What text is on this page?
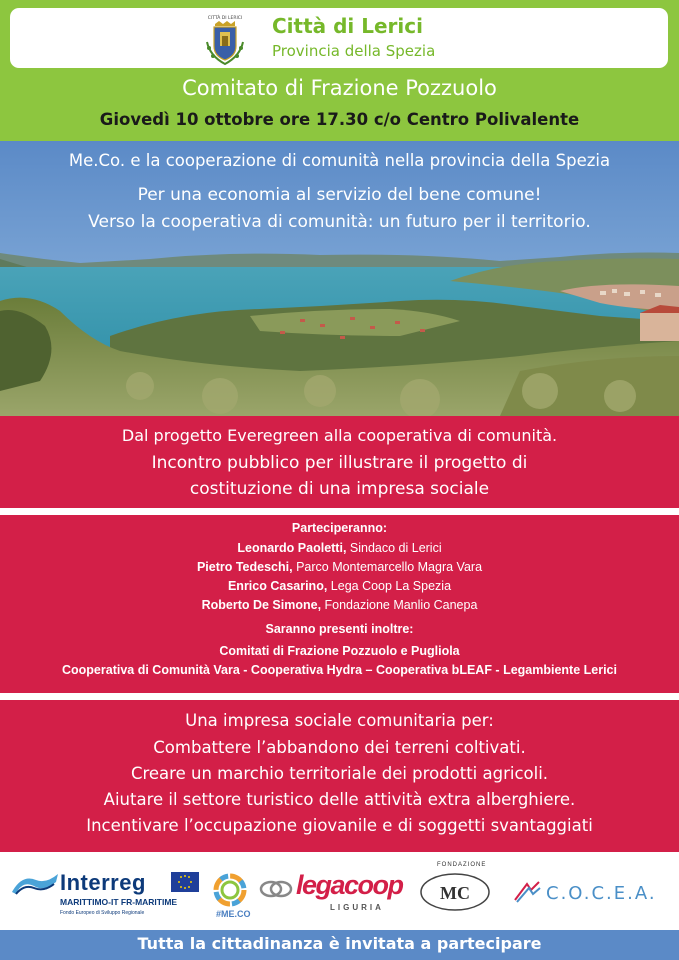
CITTÀ DI LERICI Città di Lerici
Provincia della Spezia
Comitato di Frazione Pozzuolo
Giovedì 10 ottobre ore 17.30 c/o Centro Polivalente
Me.Co. e la cooperazione di comunità nella provincia della Spezia
Per una economia al servizio del bene comune!
Verso la cooperativa di comunità: un futuro per il territorio.
Dal progetto Everegreen alla cooperativa di comunità.
Incontro pubblico per illustrare il progetto di
costituzione di una impresa sociale
Parteciperanno:
Leonardo Paoletti, Sindaco di Lerici
Pietro Tedeschi, Parco Montemarcello Magra Vara
Enrico Casarino, Lega Coop La Spezia
Roberto De Simone, Fondazione Manlio Canepa
Saranno presenti inoltre:
Comitati di Frazione Pozzuolo e Pugliola
Cooperativa di Comunità Vara - Cooperativa Hydra – Cooperativa bLEAF - Legambiente Lerici
Una impresa sociale comunitaria per:
Combattere l’abbandono dei terreni coltivati.
Creare un marchio territoriale dei prodotti agricoli.
Aiutare il settore turistico delle attività extra alberghiere.
Incentivare l’occupazione giovanile e di soggetti svantaggiati
Interreg
MARITTIMO-IT FR-MARITIME
Fondo Europeo di Sviluppo Regionale	#ME.CO
legacoop
LIGURIA
FONDAZIONE
MC	C.O.C.E.A.
Tutta la cittadinanza è invitata a partecipare
